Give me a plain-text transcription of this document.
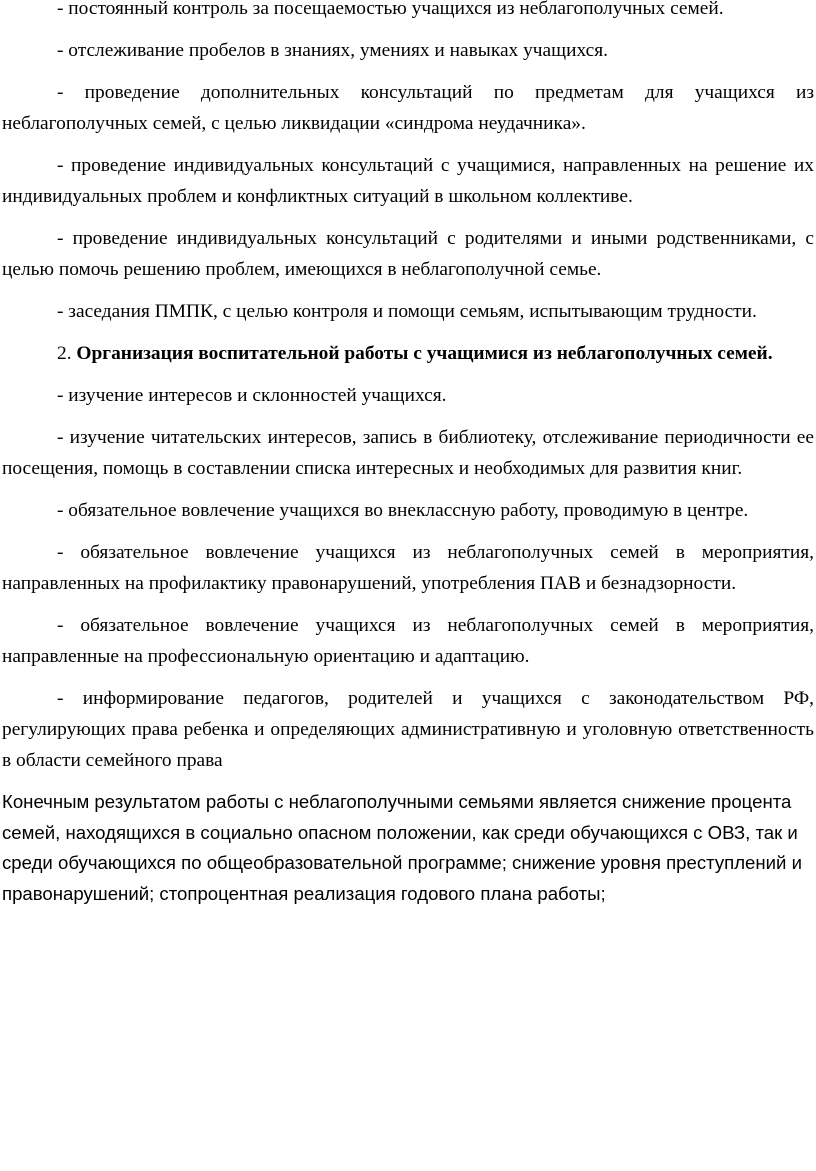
- постоянный контроль за посещаемостью учащихся из неблагополучных семей.

- отслеживание пробелов в знаниях, умениях и навыках учащихся.

- проведение дополнительных консультаций по предметам для учащихся из неблагополучных семей, с целью ликвидации «синдрома неудачника».

- проведение индивидуальных консультаций с учащимися, направленных на решение их индивидуальных проблем и конфликтных ситуаций в школьном коллективе.

- проведение индивидуальных консультаций с родителями и иными родственниками, с целью помочь решению проблем, имеющихся в неблагополучной семье.

- заседания ПМПК, с целью контроля и помощи семьям, испытывающим трудности.

2. Организация воспитательной работы с учащимися из неблагополучных семей.

- изучение интересов и склонностей учащихся.

- изучение читательских интересов, запись в библиотеку, отслеживание периодичности ее посещения, помощь в составлении списка интересных и необходимых для развития книг.

- обязательное вовлечение учащихся во внеклассную работу, проводимую в центре.

- обязательное вовлечение учащихся из неблагополучных семей в мероприятия, направленных на профилактику правонарушений, употребления ПАВ и безнадзорности.

- обязательное вовлечение учащихся из неблагополучных семей в мероприятия, направленные на профессиональную ориентацию и адаптацию.

- информирование педагогов, родителей и учащихся с законодательством РФ, регулирующих права ребенка и определяющих административную и уголовную ответственность в области семейного права

Конечным результатом работы с неблагополучными семьями является снижение процента семей, находящихся в социально опасном положении, как среди обучающихся с ОВЗ, так и среди обучающихся по общеобразовательной программе; снижение уровня преступлений и правонарушений; стопроцентная реализация годового плана работы;
